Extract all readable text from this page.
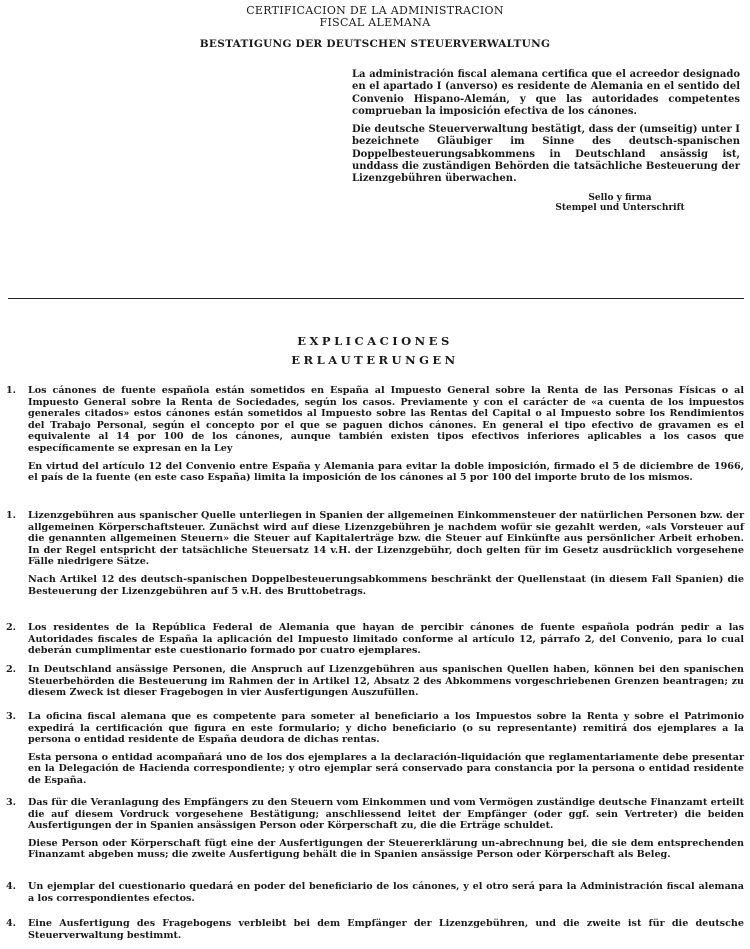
CERTIFICACION DE LA ADMINISTRACION
FISCAL ALEMANA
BESTATIGUNG DER DEUTSCHEN STEUERVERWALTUNG
La administración fiscal alemana certifica que el acreedor designado en el apartado I (anverso) es residente de Alemania en el sentido del Convenio Hispano-Alemán, y que las autoridades competentes comprueban la imposición efectiva de los cánones.
Die deutsche Steuerverwaltung bestätigt, dass der (umseitig) unter I bezeichnete Gläubiger im Sinne des deutsch-spanischen Doppelbesteuerungsabkommens in Deutschland ansässig ist, unddass die zuständigen Behörden die tatsächliche Besteuerung der Lizenzgebühren überwachen.
Sello y firma
Stempel und Unterschrift
EXPLICACIONES
ERLAUTERUNGEN
1.	Los cánones de fuente española están sometidos en España al Impuesto General sobre la Renta de las Personas Físicas o al Impuesto General sobre la Renta de Sociedades, según los casos. Previamente y con el carácter de «a cuenta de los impuestos generales citados» estos cánones están sometidos al Impuesto sobre las Rentas del Capital o al Impuesto sobre los Rendimientos del Trabajo Personal, según el concepto por el que se paguen dichos cánones. En general el tipo efectivo de gravamen es el equivalente al 14 por 100 de los cánones, aunque también existen tipos efectivos inferiores aplicables a los casos que específicamente se expresan en la Ley

En virtud del artículo 12 del Convenio entre España y Alemania para evitar la doble imposición, firmado el 5 de diciembre de 1966, el país de la fuente (en este caso España) limita la imposición de los cánones al 5 por 100 del importe bruto de los mismos.

1.	Lizenzgebühren aus spanischer Quelle unterliegen in Spanien der allgemeinen Einkommensteuer der natürlichen Personen bzw. der allgemeinen Körperschaftsteuer. Zunächst wird auf diese Lizenzgebühren je nachdem wofür sie gezahlt werden, «als Vorsteuer auf die genannten allgemeinen Steuern» die Steuer auf Kapitalerträge bzw. die Steuer auf Einkünfte aus persönlicher Arbeit erhoben. In der Regel entspricht der tatsächliche Steuersatz 14 v.H. der Lizenzgebühr, doch gelten für im Gesetz ausdrücklich vorgesehene Fälle niedrigere Sätze.

Nach Artikel 12 des deutsch-spanischen Doppelbesteuerungsabkommens beschränkt der Quellenstaat (in diesem Fall Spanien) die Besteuerung der Lizenzgebühren auf 5 v.H. des Bruttobetrags.

2.	Los residentes de la República Federal de Alemania que hayan de percibir cánones de fuente española podrán pedir a las Autoridades fiscales de España la aplicación del Impuesto limitado conforme al artículo 12, párrafo 2, del Convenio, para lo cual deberán cumplimentar este cuestionario formado por cuatro ejemplares.

2.	In Deutschland ansässige Personen, die Anspruch auf Lizenzgebühren aus spanischen Quellen haben, können bei den spanischen Steuerbehörden die Besteuerung im Rahmen der in Artikel 12, Absatz 2 des Abkommens vorgeschriebenen Grenzen beantragen; zu diesem Zweck ist dieser Fragebogen in vier Ausfertigungen Auszufüllen.

3.	La oficina fiscal alemana que es competente para someter al beneficiario a los Impuestos sobre la Renta y sobre el Patrimonio expedirá la certificación que figura en este formulario; y dicho beneficiario (o su representante) remitirá dos ejemplares a la persona o entidad residente de España deudora de dichas rentas.

Esta persona o entidad acompañará uno de los dos ejemplares a la declaración-liquidación que reglamentariamente debe presentar en la Delegación de Hacienda correspondiente; y otro ejemplar será conservado para constancia por la persona o entidad residente de España.

3.	Das für die Veranlagung des Empfängers zu den Steuern vom Einkommen und vom Vermögen zuständige deutsche Finanzamt erteilt die auf diesem Vordruck vorgesehene Bestätigung; anschliessend leitet der Empfänger (oder ggf. sein Vertreter) die beiden Ausfertigungen der in Spanien ansässigen Person oder Körperschaft zu, die die Erträge schuldet.

Diese Person oder Körperschaft fügt eine der Ausfertigungen der Steuererklärung un-abrechnung bei, die sie dem entsprechenden Finanzamt abgeben muss; die zweite Ausfertigung behält die in Spanien ansässige Person oder Körperschaft als Beleg.

4.	Un ejemplar del cuestionario quedará en poder del beneficiario de los cánones, y el otro será para la Administración fiscal alemana a los correspondientes efectos.

4.	Eine Ausfertigung des Fragebogens verbleibt bei dem Empfänger der Lizenzgebühren, und die zweite ist für die deutsche Steuerverwaltung bestimmt.
